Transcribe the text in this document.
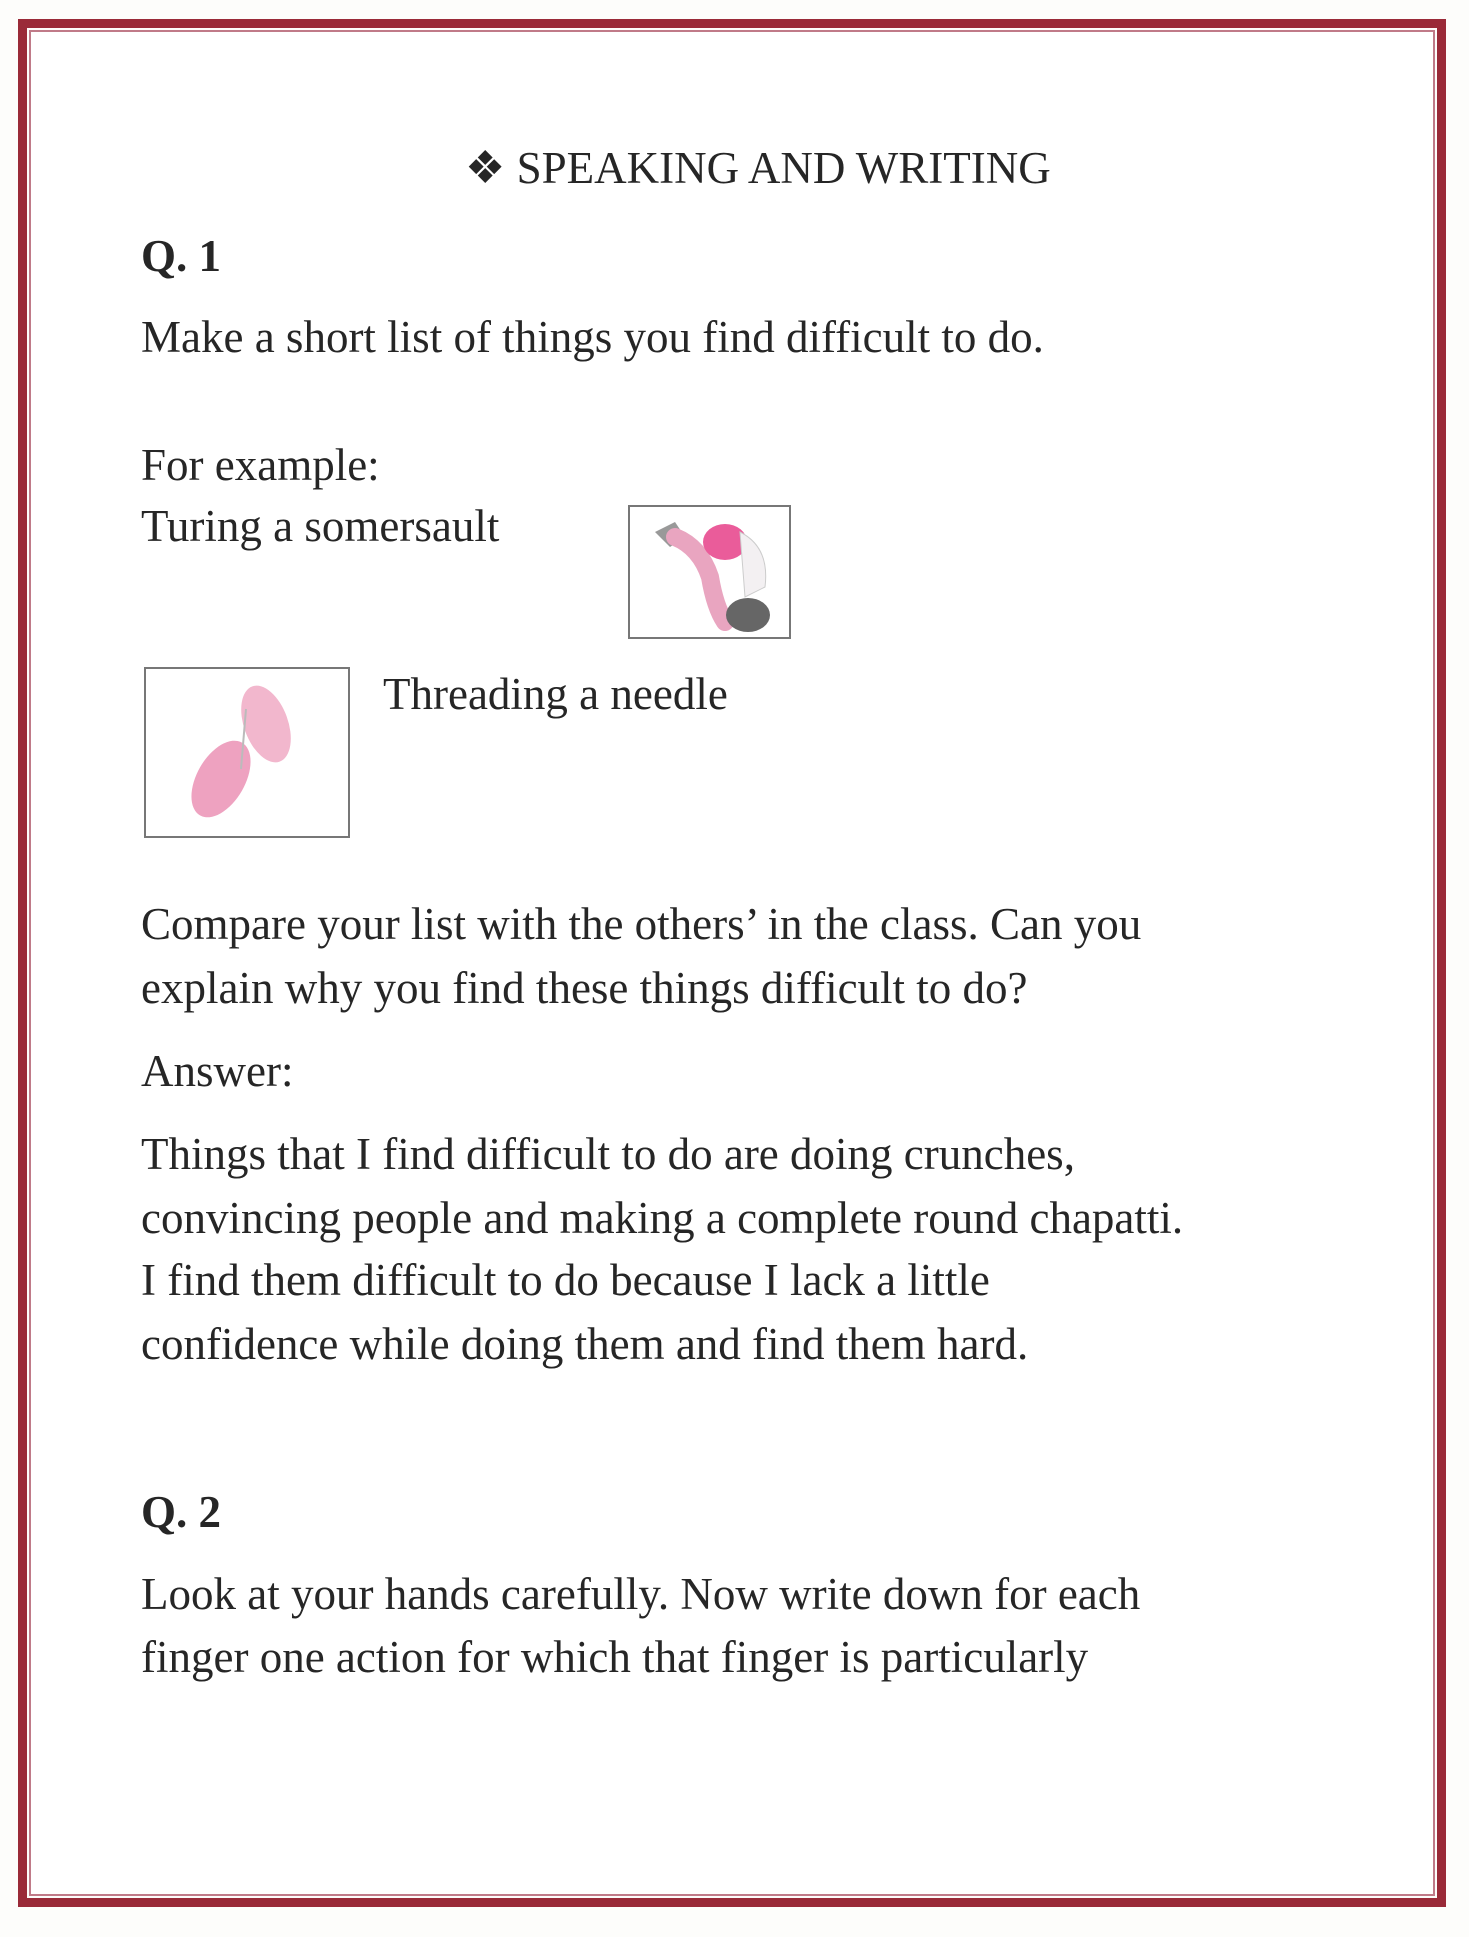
❖ SPEAKING AND WRITING
Q. 1
Make a short list of things you find difficult to do.
For example:
Turing a somersault
Threading a needle
Compare your list with the others’ in the class. Can you
explain why you find these things difficult to do?
Answer:
Things that I find difficult to do are doing crunches,
convincing people and making a complete round chapatti.
I find them difficult to do because I lack a little
confidence while doing them and find them hard.
Q. 2
Look at your hands carefully. Now write down for each
finger one action for which that finger is particularly
